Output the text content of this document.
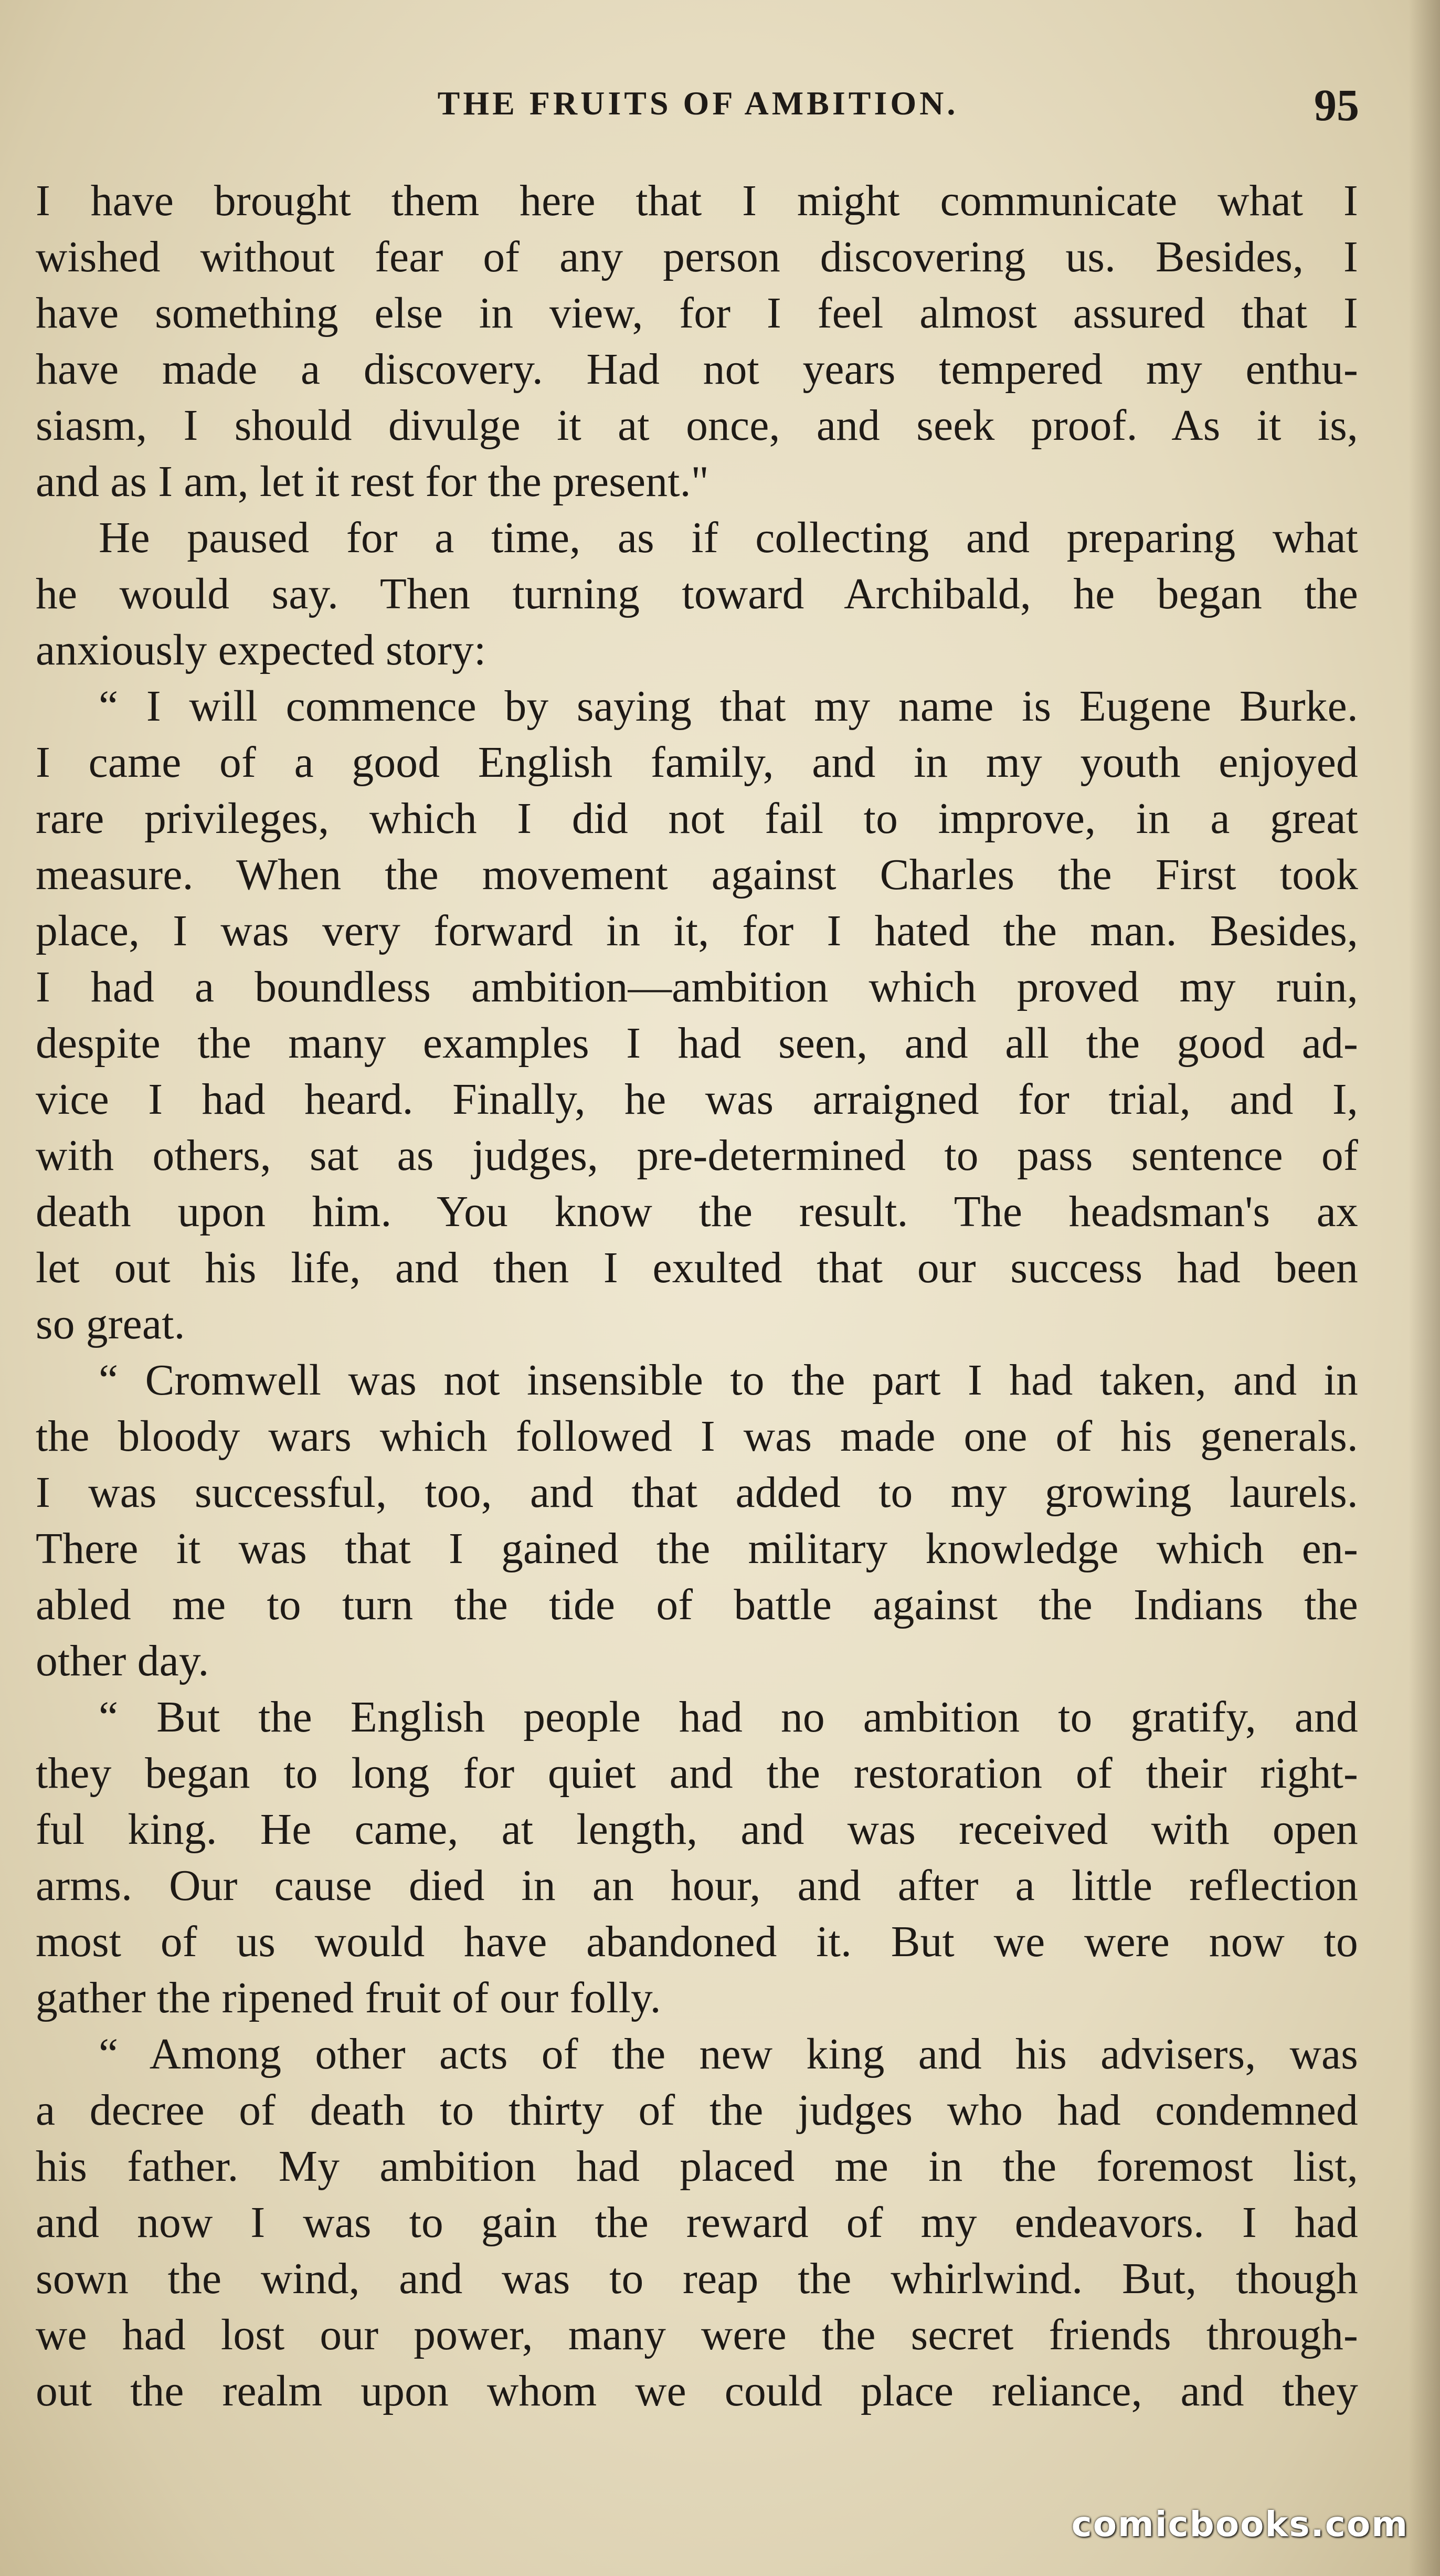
THE FRUITS OF AMBITION.	95
I have brought them here that I might communicate what I
wished without fear of any person discovering us. Besides, I
have something else in view, for I feel almost assured that I
have made a discovery. Had not years tempered my enthu-
siasm, I should divulge it at once, and seek proof. As it is,
and as I am, let it rest for the present."
He paused for a time, as if collecting and preparing what
he would say. Then turning toward Archibald, he began the
anxiously expected story:
“ I will commence by saying that my name is Eugene Burke.
I came of a good English family, and in my youth enjoyed
rare privileges, which I did not fail to improve, in a great
measure. When the movement against Charles the First took
place, I was very forward in it, for I hated the man. Besides,
I had a boundless ambition—ambition which proved my ruin,
despite the many examples I had seen, and all the good ad-
vice I had heard. Finally, he was arraigned for trial, and I,
with others, sat as judges, pre-determined to pass sentence of
death upon him. You know the result. The headsman's ax
let out his life, and then I exulted that our success had been
so great.
“ Cromwell was not insensible to the part I had taken, and in
the bloody wars which followed I was made one of his generals.
I was successful, too, and that added to my growing laurels.
There it was that I gained the military knowledge which en-
abled me to turn the tide of battle against the Indians the
other day.
“ But the English people had no ambition to gratify, and
they began to long for quiet and the restoration of their right-
ful king. He came, at length, and was received with open
arms. Our cause died in an hour, and after a little reflection
most of us would have abandoned it. But we were now to
gather the ripened fruit of our folly.
“ Among other acts of the new king and his advisers, was
a decree of death to thirty of the judges who had condemned
his father. My ambition had placed me in the foremost list,
and now I was to gain the reward of my endeavors. I had
sown the wind, and was to reap the whirlwind. But, though
we had lost our power, many were the secret friends through-
out the realm upon whom we could place reliance, and they
comicbooks.com
